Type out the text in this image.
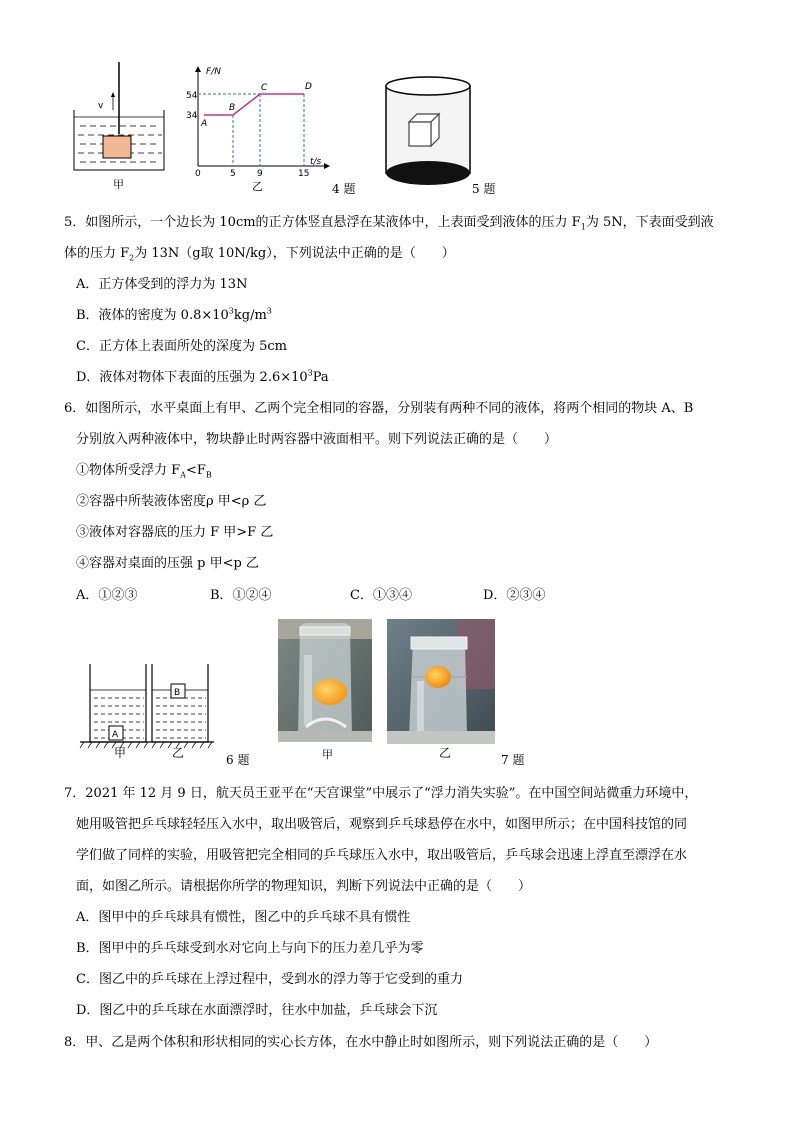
v
甲
F/N
t/s
54
34
0	5 9	15
A
B
C	D
乙	4 题	5 题
5．如图所示，一个边长为 10cm的正方体竖直悬浮在某液体中，上表面受到液体的压力 $F_1$为 5N，下表面受到液
体的压力 $F_2$为 13N（g取 10N/kg），下列说法中正确的是（　　）
A．正方体受到的浮力为 13N
B．液体的密度为 $0.8\times 10^3kg/m^3$
C．正方体上表面所处的深度为 5cm
D．液体对物体下表面的压强为 $2.6\times 10^3Pa$
6．如图所示，水平桌面上有甲、乙两个完全相同的容器，分别装有两种不同的液体，将两个相同的物块 A、B
分别放入两种液体中，物块静止时两容器中液面相平。则下列说法正确的是（　　）
①物体所受浮力 $F_A<F_B$
②容器中所装液体密度ρ 甲<ρ 乙
③液体对容器底的压力 F 甲>F 乙
④容器对桌面的压强 p 甲<p 乙
A．①②③	B．①②④	C．①③④	D．②③④
A
B
甲	乙	6 题	甲	乙	7 题
7．2021 年 12 月 9 日，航天员王亚平在“天宫课堂”中展示了“浮力消失实验”。在中国空间站微重力环境中，
她用吸管把乒乓球轻轻压入水中，取出吸管后，观察到乒乓球悬停在水中，如图甲所示；在中国科技馆的同
学们做了同样的实验，用吸管把完全相同的乒乓球压入水中，取出吸管后，乒乓球会迅速上浮直至漂浮在水
面，如图乙所示。请根据你所学的物理知识，判断下列说法中正确的是（　　）
A．图甲中的乒乓球具有惯性，图乙中的乒乓球不具有惯性
B．图甲中的乒乓球受到水对它向上与向下的压力差几乎为零
C．图乙中的乒乓球在上浮过程中，受到水的浮力等于它受到的重力
D．图乙中的乒乓球在水面漂浮时，往水中加盐，乒乓球会下沉
8．甲、乙是两个体积和形状相同的实心长方体，在水中静止时如图所示，则下列说法正确的是（　　）
